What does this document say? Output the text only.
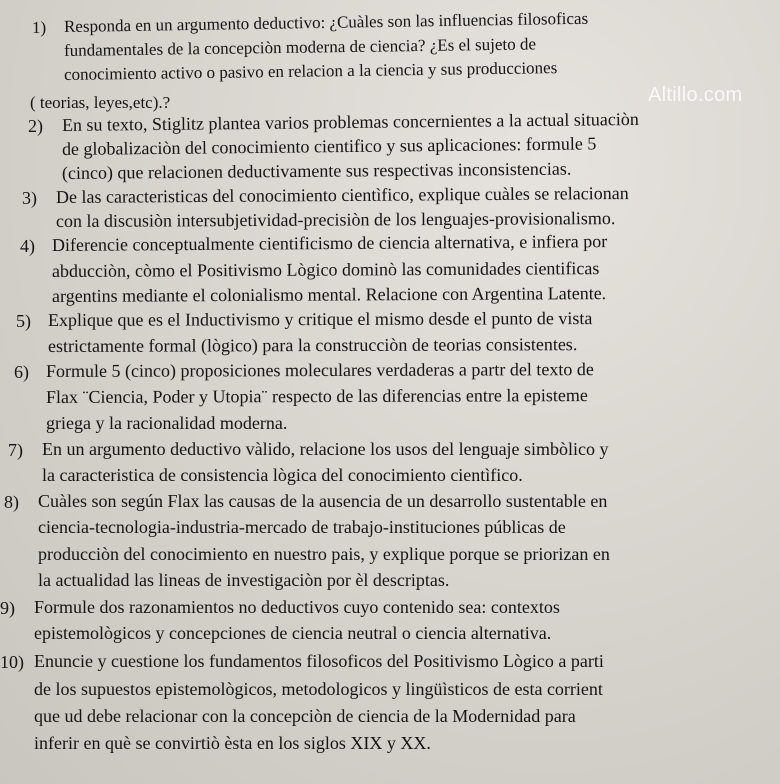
Altillo.com
1) Responda en un argumento deductivo: ¿Cuàles son las influencias filosoficas
fundamentales de la concepciòn moderna de ciencia? ¿Es el sujeto de
conocimiento activo o pasivo en relacion a la ciencia y sus producciones
( teorias, leyes,etc).?
2) En su texto, Stiglitz plantea varios problemas concernientes a la actual situaciòn
de globalizaciòn del conocimiento cientifico y sus aplicaciones: formule 5
(cinco) que relacionen deductivamente sus respectivas inconsistencias.
3) De las caracteristicas del conocimiento cientìfico, explique cuàles se relacionan
con la discusiòn intersubjetividad-precisiòn de los lenguajes-provisionalismo.
4) Diferencie conceptualmente cientificismo de ciencia alternativa, e infiera por
abducciòn, còmo el Positivismo Lògico dominò las comunidades cientificas
argentins mediante el colonialismo mental. Relacione con Argentina Latente.
5) Explique que es el Inductivismo y critique el mismo desde el punto de vista
estrictamente formal (lògico) para la construcciòn de teorias consistentes.
6) Formule 5 (cinco) proposiciones moleculares verdaderas a partr del texto de
Flax ¨Ciencia, Poder y Utopia¨ respecto de las diferencias entre la episteme
griega y la racionalidad moderna.
7) En un argumento deductivo vàlido, relacione los usos del lenguaje simbòlico y
la caracteristica de consistencia lògica del conocimiento cientìfico.
8) Cuàles son según Flax las causas de la ausencia de un desarrollo sustentable en
ciencia-tecnologia-industria-mercado de trabajo-instituciones públicas de
producciòn del conocimiento en nuestro pais, y explique porque se priorizan en
la actualidad las lineas de investigaciòn por èl descriptas.
9) Formule dos razonamientos no deductivos cuyo contenido sea: contextos
epistemològicos y concepciones de ciencia neutral o ciencia alternativa.
10) Enuncie y cuestione los fundamentos filosoficos del Positivismo Lògico a parti
de los supuestos epistemològicos, metodologicos y lingüìsticos de esta corrient
que ud debe relacionar con la concepciòn de ciencia de la Modernidad para
inferir en què se convirtiò èsta en los siglos XIX y XX.
